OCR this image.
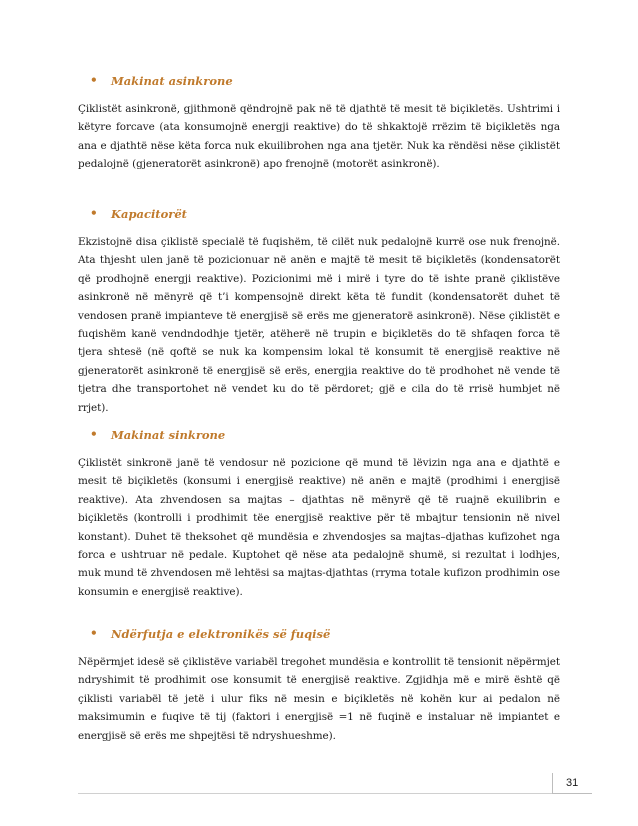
• Makinat asinkrone

Çiklistët asinkronë, gjithmonë qëndrojnë pak në të djathtë të mesit të biçikletës. Ushtrimi i këtyre forcave (ata konsumojnë energji reaktive) do të shkaktojë rrëzim të biçikletës nga ana e djathtë nëse këta forca nuk ekuilibrohen nga ana tjetër. Nuk ka rëndësi nëse çiklistët pedalojnë (gjeneratorët asinkronë) apo frenojnë (motorët asinkronë).

• Kapacitorët

Ekzistojnë disa çiklistë specialë të fuqishëm, të cilët nuk pedalojnë kurrë ose nuk frenojnë. Ata thjesht ulen janë të pozicionuar në anën e majtë të mesit të biçikletës (kondensatorët që prodhojnë energji reaktive). Pozicionimi më i mirë i tyre do të ishte pranë çiklistëve asinkronë në mënyrë që t’i kompensojnë direkt këta të fundit (kondensatorët duhet të vendosen pranë impianteve të energjisë së erës me gjeneratorë asinkronë). Nëse çiklistët e fuqishëm kanë vendndodhje tjetër, atëherë në trupin e biçikletës do të shfaqen forca të tjera shtesë (në qoftë se nuk ka kompensim lokal të konsumit të energjisë reaktive në gjeneratorët asinkronë të energjisë së erës, energjia reaktive do të prodhohet në vende të tjetra dhe transportohet në vendet ku do të përdoret; gjë e cila do të rrisë humbjet në rrjet).

• Makinat sinkrone

Çiklistët sinkronë janë të vendosur në pozicione që mund të lëvizin nga ana e djathtë e mesit të biçikletës (konsumi i energjisë reaktive) në anën e majtë (prodhimi i energjisë reaktive). Ata zhvendosen sa majtas – djathtas në mënyrë që të ruajnë ekuilibrin e biçikletës (kontrolli i prodhimit tëe energjisë reaktive për të mbajtur tensionin në nivel konstant). Duhet të theksohet që mundësia e zhvendosjes sa majtas–djathas kufizohet nga forca e ushtruar në pedale. Kuptohet që nëse ata pedalojnë shumë, si rezultat i lodhjes, muk mund të zhvendosen më lehtësi sa majtas-djathtas (rryma totale kufizon prodhimin ose konsumin e energjisë reaktive).

• Ndërfutja e elektronikës së fuqisë

Nëpërmjet idesë së çiklistëve variabël tregohet mundësia e kontrollit të tensionit nëpërmjet ndryshimit të prodhimit ose konsumit të energjisë reaktive. Zgjidhja më e mirë është që çiklisti variabël të jetë i ulur fiks në mesin e biçikletës në kohën kur ai pedalon në maksimumin e fuqive të tij (faktori i energjisë =1 në fuqinë e instaluar në impiantet e energjisë së erës me shpejtësi të ndryshueshme).

31
